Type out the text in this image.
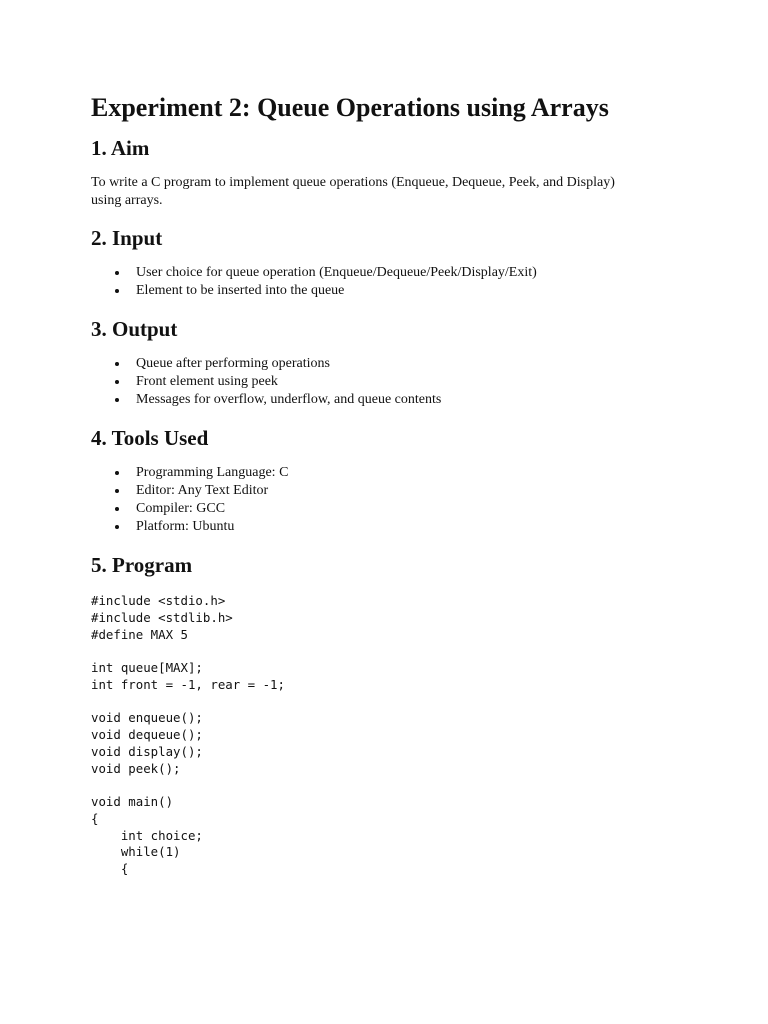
Experiment 2: Queue Operations using Arrays
1. Aim

To write a C program to implement queue operations (Enqueue, Dequeue, Peek, and Display)
using arrays.

2. Input
User choice for queue operation (Enqueue/Dequeue/Peek/Display/Exit)
Element to be inserted into the queue
3. Output
Queue after performing operations
Front element using peek
Messages for overflow, underflow, and queue contents
4. Tools Used
Programming Language: C
Editor: Any Text Editor
Compiler: GCC
Platform: Ubuntu
5. Program
#include <stdio.h>
#include <stdlib.h>
#define MAX 5

int queue[MAX];
int front = -1, rear = -1;

void enqueue();
void dequeue();
void display();
void peek();

void main()
{
int choice;
while(1)
{
